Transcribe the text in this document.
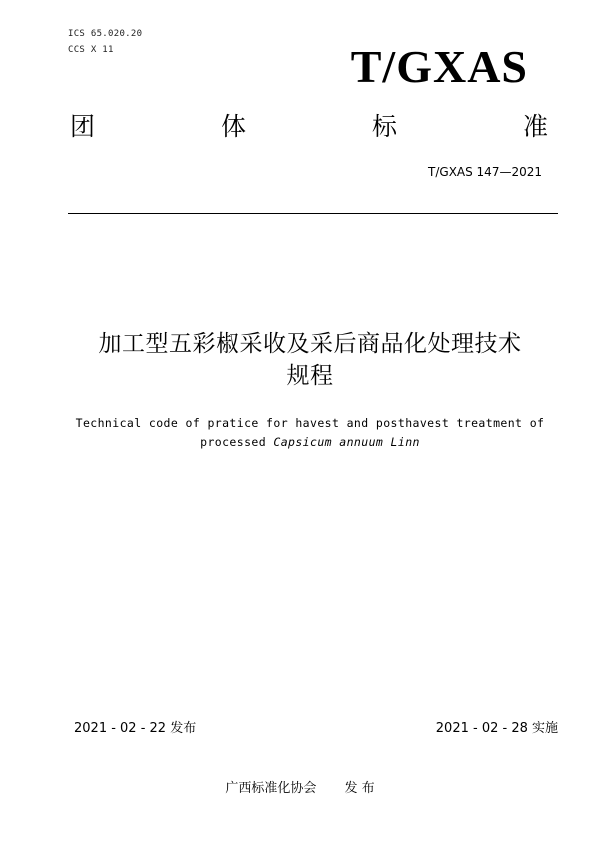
ICS 65.020.20
CCS X 11	T/GXAS
团	体	标	准
T/GXAS 147—2021
加工型五彩椒采收及采后商品化处理技术
规程
Technical code of pratice for havest and posthavest treatment of
processed Capsicum annuum Linn
2021 - 02 - 22 发布	2021 - 02 - 28 实施
广西标准化协会 发 布
